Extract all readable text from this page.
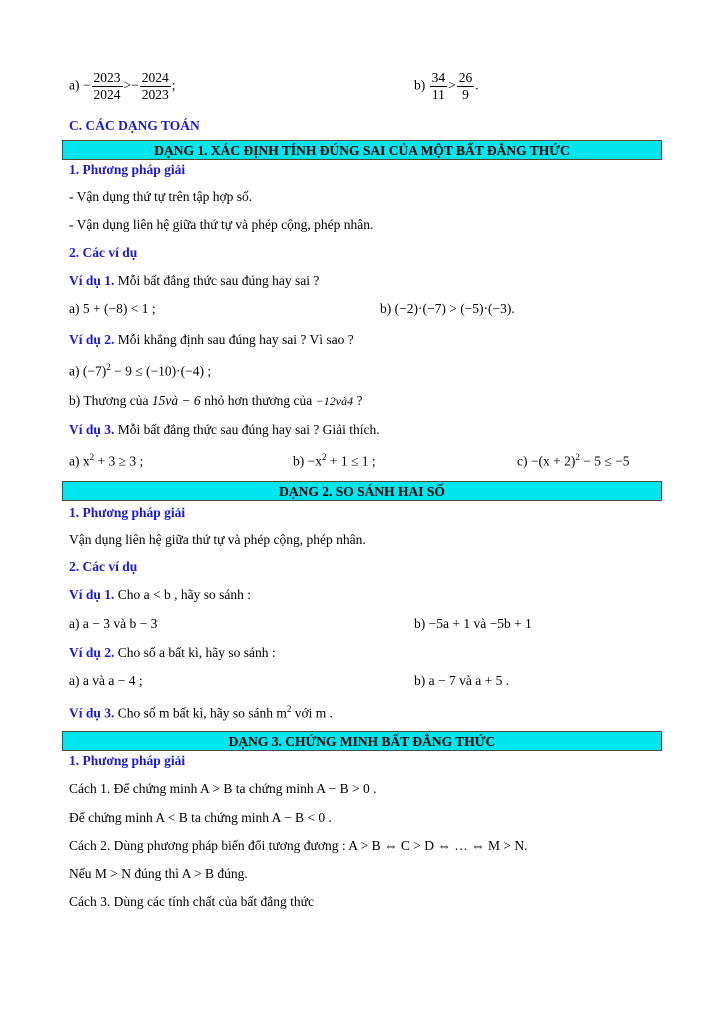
$a) - \frac{2023}{2024} >- \frac{2024}{2023}$ ;	$b) \frac{34}{11} > \frac{26}{9}$ .
C. CÁC DẠNG TOÁN
DẠNG 1. XÁC ĐỊNH TÍNH ĐÚNG SAI CỦA MỘT BẤT ĐẲNG THỨC
1. Phương pháp giải
- Vận dụng thứ tự trên tập hợp số.
- Vận dụng liên hệ giữa thứ tự và phép cộng, phép nhân.
2. Các ví dụ
Ví dụ 1. Mỗi bất đẳng thức sau đúng hay sai ?
a) 5 + (−8) < 1 ;	b) (−2)·(−7) > (−5)·(−3).
Ví dụ 2. Mỗi khẳng định sau đúng hay sai ? Vì sao ?
a) $(-7)^2 - 9 \le (-10)\cdot(-4)$ ;
b) Thương của 15và − 6 nhỏ hơn thương của −12và4 ?
Ví dụ 3. Mỗi bất đẳng thức sau đúng hay sai ? Giải thích.
a) $x^2 + 3 \ge 3$ ;	$b) -x^2 + 1 \le 1$ ;	$c) -(x + 2)^2 - 5 \le -5$
DẠNG 2. SO SÁNH HAI SỐ
1. Phương pháp giải
Vận dụng liên hệ giữa thứ tự và phép cộng, phép nhân.
2. Các ví dụ
Ví dụ 1. Cho a < b , hãy so sánh :
a) a − 3 và b − 3	b) −5a + 1 và −5b + 1
Ví dụ 2. Cho số a bất kì, hãy so sánh :
a) a và a − 4 ;	b) a − 7 và a + 5 .
Ví dụ 3. Cho số m bất kì, hãy so sánh $m^2$ với m .
DẠNG 3. CHỨNG MINH BẤT ĐẲNG THỨC
1. Phương pháp giải
Cách 1. Để chứng minh A > B ta chứng minh A − B > 0 .
Để chứng minh A < B ta chứng minh A − B < 0 .
Cách 2. Dùng phương pháp biến đổi tương đương : A > B ⇔ C > D ⇔ … ⇔ M > N.
Nếu M > N đúng thì A > B đúng.
Cách 3. Dùng các tính chất của bất đẳng thức
